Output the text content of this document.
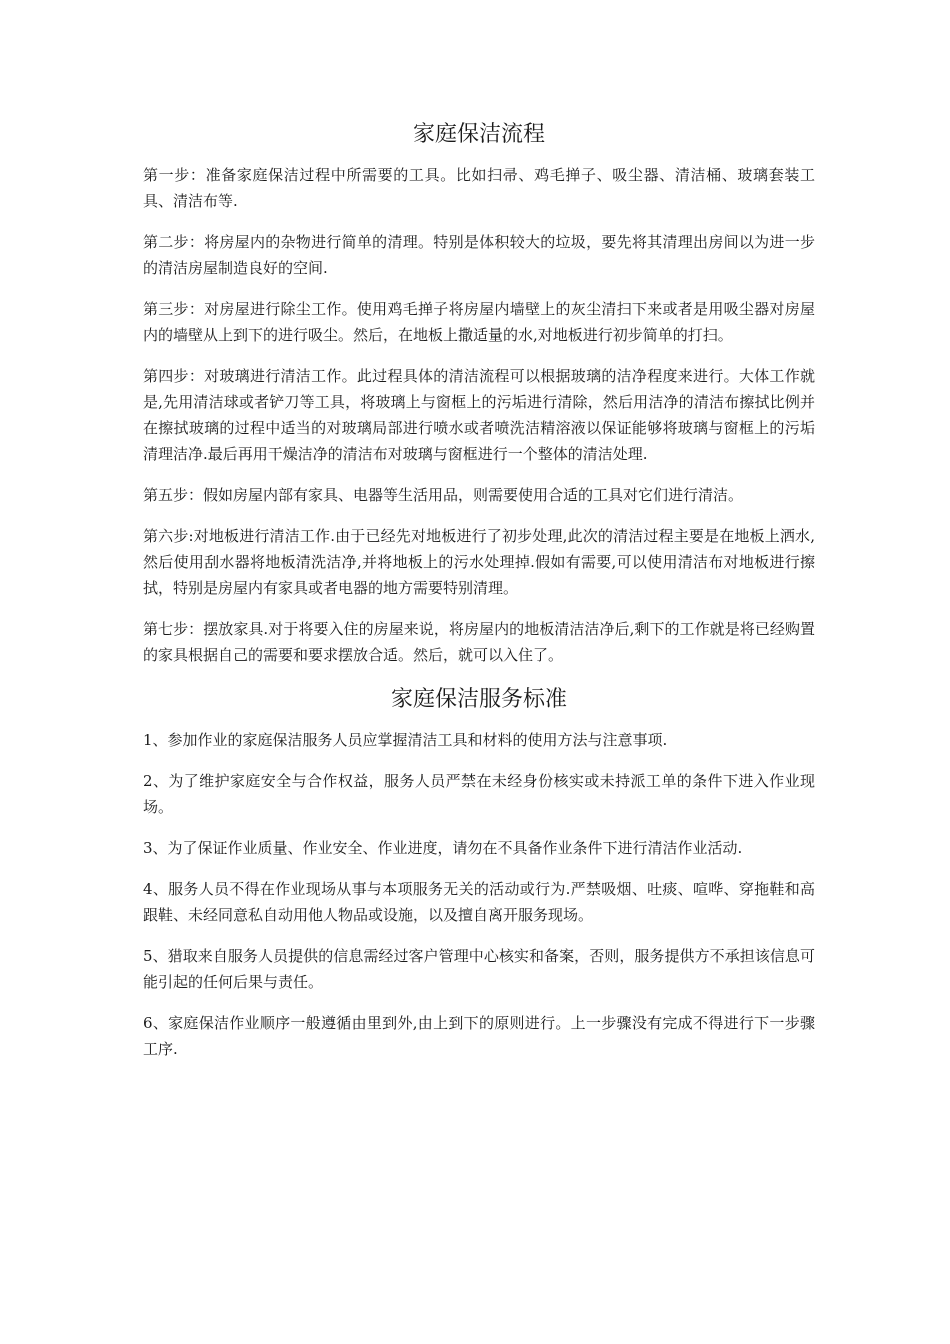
家庭保洁流程

第一步：准备家庭保洁过程中所需要的工具。比如扫帚、鸡毛掸子、吸尘器、清洁桶、玻璃套装工具、清洁布等.

第二步：将房屋内的杂物进行简单的清理。特别是体积较大的垃圾，要先将其清理出房间以为进一步的清洁房屋制造良好的空间.

第三步：对房屋进行除尘工作。使用鸡毛掸子将房屋内墙壁上的灰尘清扫下来或者是用吸尘器对房屋内的墙壁从上到下的进行吸尘。然后，在地板上撒适量的水,对地板进行初步简单的打扫。

第四步：对玻璃进行清洁工作。此过程具体的清洁流程可以根据玻璃的洁净程度来进行。大体工作就是,先用清洁球或者铲刀等工具，将玻璃上与窗框上的污垢进行清除，然后用洁净的清洁布擦拭比例并在擦拭玻璃的过程中适当的对玻璃局部进行喷水或者喷洗洁精溶液以保证能够将玻璃与窗框上的污垢清理洁净.最后再用干燥洁净的清洁布对玻璃与窗框进行一个整体的清洁处理.

第五步：假如房屋内部有家具、电器等生活用品，则需要使用合适的工具对它们进行清洁。

第六步:对地板进行清洁工作.由于已经先对地板进行了初步处理,此次的清洁过程主要是在地板上洒水,然后使用刮水器将地板清洗洁净,并将地板上的污水处理掉.假如有需要,可以使用清洁布对地板进行擦拭，特别是房屋内有家具或者电器的地方需要特别清理。

第七步：摆放家具.对于将要入住的房屋来说，将房屋内的地板清洁洁净后,剩下的工作就是将已经购置的家具根据自己的需要和要求摆放合适。然后，就可以入住了。

家庭保洁服务标准

1、参加作业的家庭保洁服务人员应掌握清洁工具和材料的使用方法与注意事项.

2、为了维护家庭安全与合作权益，服务人员严禁在未经身份核实或未持派工单的条件下进入作业现场。

3、为了保证作业质量、作业安全、作业进度，请勿在不具备作业条件下进行清洁作业活动.

4、服务人员不得在作业现场从事与本项服务无关的活动或行为.严禁吸烟、吐痰、喧哗、穿拖鞋和高跟鞋、未经同意私自动用他人物品或设施，以及擅自离开服务现场。

5、猎取来自服务人员提供的信息需经过客户管理中心核实和备案，否则，服务提供方不承担该信息可能引起的任何后果与责任。

6、家庭保洁作业顺序一般遵循由里到外,由上到下的原则进行。上一步骤没有完成不得进行下一步骤工序.
